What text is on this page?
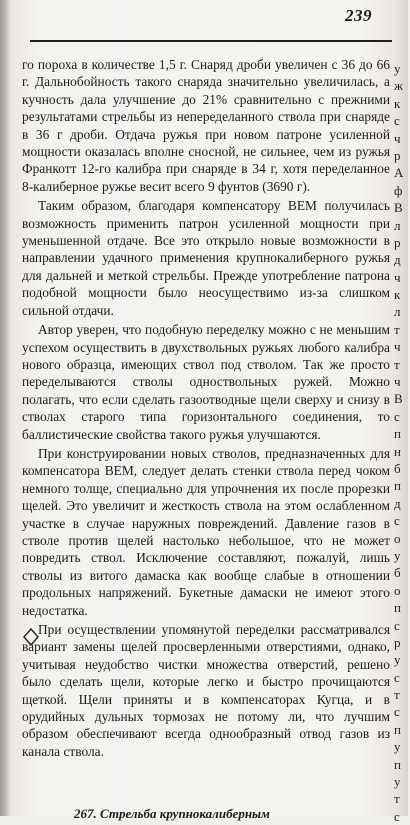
239

го пороха в количестве 1,5 г. Снаряд дроби увеличен с 36 до 66 г. Дальнобойность такого снаряда значительно увеличилась, а кучность дала улучшение до 21% сравнительно с прежними результатами стрельбы из непеределанного ствола при снаряде в 36 г дроби. Отдача ружья при новом патроне усиленной мощности оказалась вполне сносной, не сильнее, чем из ружья Франкотт 12-го калибра при снаряде в 34 г, хотя переделанное 8-калиберное ружье весит всего 9 фунтов (3690 г).

Таким образом, благодаря компенсатору ВЕМ получилась возможность применить патрон усиленной мощности при уменьшенной отдаче. Все это открыло новые возможности в направлении удачного применения крупнокалиберного ружья для дальней и меткой стрельбы. Прежде употребление патрона подобной мощности было неосуществимо из-за слишком сильной отдачи.

Автор уверен, что подобную переделку можно с не меньшим успехом осуществить в двухствольных ружьях любого калибра нового образца, имеющих ствол под стволом. Так же просто переделываются стволы одноствольных ружей. Можно полагать, что если сделать газоотводные щели сверху и снизу в стволах старого типа горизонтального соединения, то баллистические свойства такого ружья улучшаются.

При конструировании новых стволов, предназначенных для компенсатора ВЕМ, следует делать стенки ствола перед чоком немного толще, специально для упрочнения их после прорезки щелей. Это увеличит и жесткость ствола на этом ослабленном участке в случае наружных повреждений. Давление газов в стволе против щелей настолько небольшое, что не может повредить ствол. Исключение составляют, пожалуй, лишь стволы из витого дамаска как вообще слабые в отношении продольных напряжений. Букетные дамаски не имеют этого недостатка.

При осуществлении упомянутой переделки рассматривался вариант замены щелей просверленными отверстиями, однако, учитывая неудобство чистки множества отверстий, решено было сделать щели, которые легко и быстро прочищаются щеткой. Щели приняты и в компенсаторах Кугца, и в орудийных дульных тормозах не потому ли, что лучшим образом обеспечивают всегда однообразный отвод газов из канала ствола.

267. Стрельба крупнокалиберным
у
ж
к
с
ч
р
А
ф
В
л
р
д
ч
к
л
т
ч
т
ч
В
с
п
н
б
п
д
с
о
у
б
о
п
с
р
у
с
т
с
п
у
п
у
т
с
